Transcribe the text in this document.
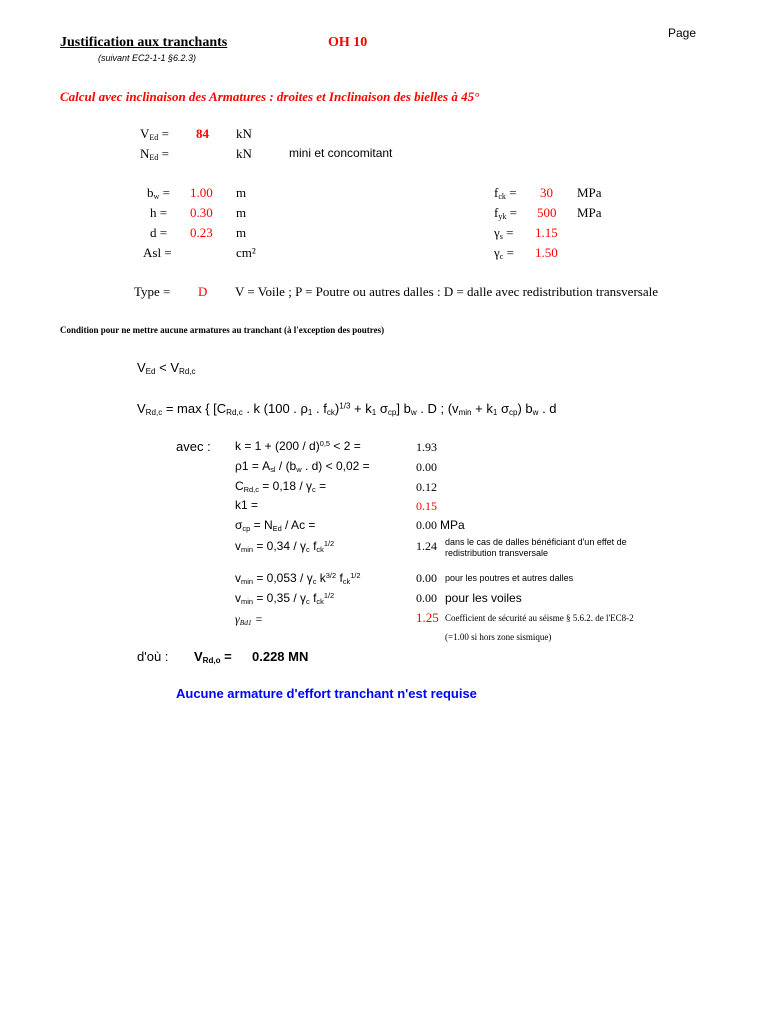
Page
Justification aux tranchants	OH 10
(suivant EC2-1-1 §6.2.3)
Calcul avec inclinaison des Armatures : droites et Inclinaison des bielles à 45°
$V_{Ed} = 84$ kN
$N_{Ed}$ =	kN	mini et concomitant
$b_w = 1.00$ m
h = 0.30 m
d = 0.23 m
Asl =	cm²
$f_{ck} = 30$ MPa
$f_{yk} = 500$ MPa
$\gamma_s = 1.15$
$\gamma_c = 1.50$
Type = D V = Voile ; P = Poutre ou autres dalles : D = dalle avec redistribution transversale
Condition pour ne mettre aucune armatures au tranchant (à l'exception des poutres)
$V_{Ed} < V_{Rd,c}$
$V_{Rd,c} = \max$ { [$C_{Rd,c}$ . k (100 . $\rho_1$ . $f_{ck})^{1/3} + k_1$ $\sigma_{cp}$] $b_w$ . D ; ($v_{min} + k_1$ $\sigma_{cp}$) $b_w$ . d
avec : k = 1 + (200 / d)$^{0,5}$ < 2 =	1.93
$\rho 1 = A_{sl} / (b_w$ . d) < 0,02 =	0.00
$C_{Rd,c} = 0,18 / \gamma_c$ =	0.12
k1 =	0.15
$\sigma_{cp} = N_{Ed} / Ac$ =	0.00 MPa
$v_{min} = 0,34 / \gamma_c$ $f_{ck}^{1/2}$	1.24 dans le cas de dalles bénéficiant d'un effet de
redistribution transversale
$v_{min} = 0,053 / \gamma_c$ $k^{3/2}$ $f_{ck}^{1/2}$	0.00 pour les poutres et autres dalles
$v_{min} = 0,35 / \gamma_c$ $f_{ck}^{1/2}$	0.00 pour les voiles
$\gamma_{Bd1}$ =	1.25 Coefficient de sécurité au séisme § 5.6.2. de l'EC8-2
(=1.00 si hors zone sismique)
d'où : $V_{Rd,o} = 0.228$ MN
Aucune armature d'effort tranchant n'est requise
